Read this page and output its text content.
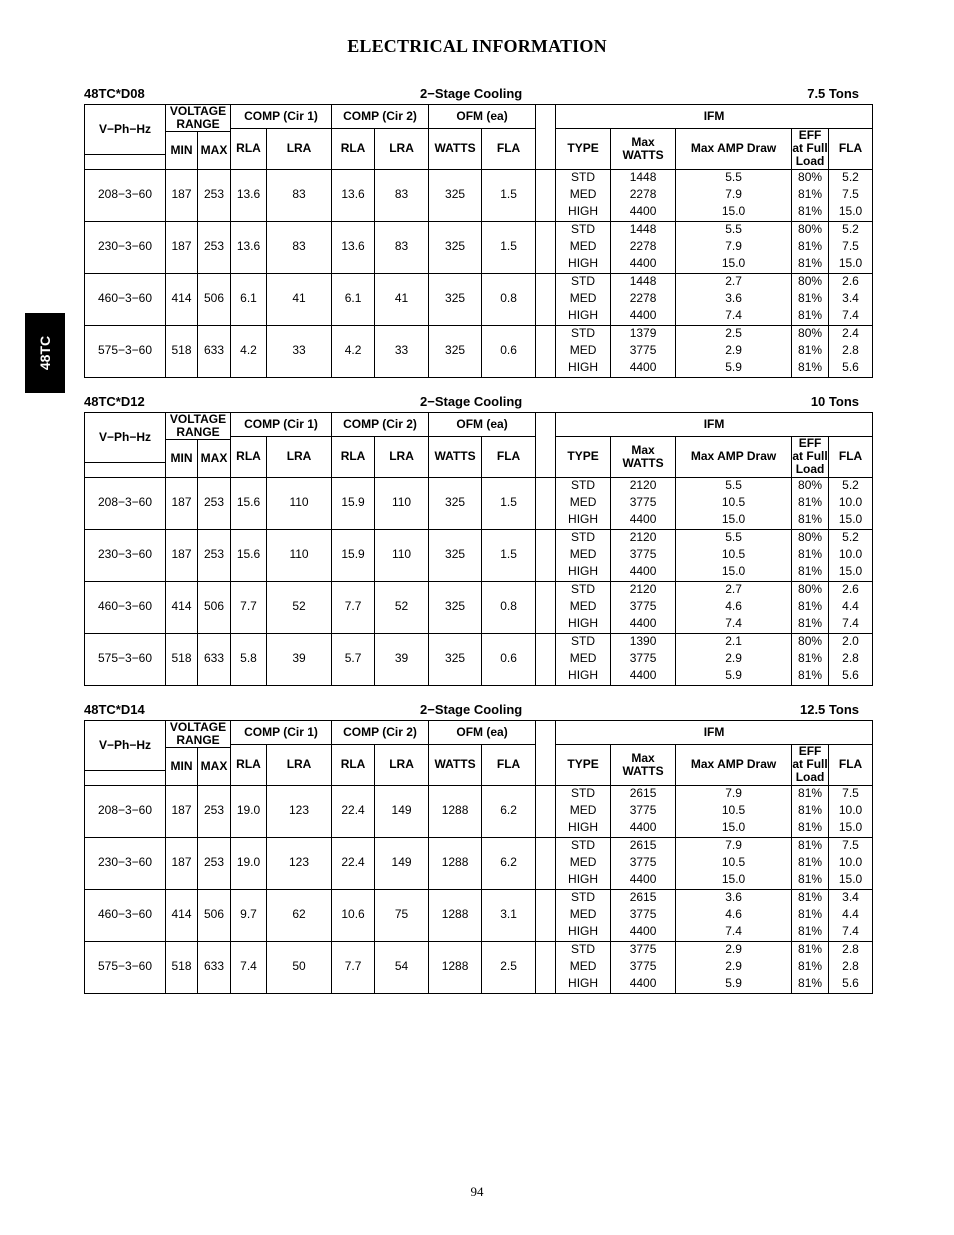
ELECTRICAL INFORMATION
48TC
48TC*D08	2−Stage Cooling	7.5 Tons
V−Ph−Hz	VOLTAGE RANGE		COMP (Cir 1)		COMP (Cir 2)		OFM (ea)			IFM				
			RLA	LRA	RLA	LRA	WATTS	FLA		TYPE	Max WATTS	Max AMP Draw	EFF at Full Load	FLA
	MIN	MAX												

208−3−60	187	253	13.6	83	13.6	83	325	1.5		STD	1448	5.5	80%	5.2
										MED	2278	7.9	81%	7.5
										HIGH	4400	15.0	81%	15.0
230−3−60	187	253	13.6	83	13.6	83	325	1.5		STD	1448	5.5	80%	5.2
										MED	2278	7.9	81%	7.5
										HIGH	4400	15.0	81%	15.0
460−3−60	414	506	6.1	41	6.1	41	325	0.8		STD	1448	2.7	80%	2.6
										MED	2278	3.6	81%	3.4
										HIGH	4400	7.4	81%	7.4
575−3−60	518	633	4.2	33	4.2	33	325	0.6		STD	1379	2.5	80%	2.4
										MED	3775	2.9	81%	2.8
										HIGH	4400	5.9	81%	5.6
48TC*D12	2−Stage Cooling	10 Tons
V−Ph−Hz	VOLTAGE RANGE		COMP (Cir 1)		COMP (Cir 2)		OFM (ea)			IFM				
			RLA	LRA	RLA	LRA	WATTS	FLA		TYPE	Max WATTS	Max AMP Draw	EFF at Full Load	FLA
	MIN	MAX												

208−3−60	187	253	15.6	110	15.9	110	325	1.5		STD	2120	5.5	80%	5.2
										MED	3775	10.5	81%	10.0
										HIGH	4400	15.0	81%	15.0
230−3−60	187	253	15.6	110	15.9	110	325	1.5		STD	2120	5.5	80%	5.2
										MED	3775	10.5	81%	10.0
										HIGH	4400	15.0	81%	15.0
460−3−60	414	506	7.7	52	7.7	52	325	0.8		STD	2120	2.7	80%	2.6
										MED	3775	4.6	81%	4.4
										HIGH	4400	7.4	81%	7.4
575−3−60	518	633	5.8	39	5.7	39	325	0.6		STD	1390	2.1	80%	2.0
										MED	3775	2.9	81%	2.8
										HIGH	4400	5.9	81%	5.6
48TC*D14	2−Stage Cooling	12.5 Tons
V−Ph−Hz	VOLTAGE RANGE		COMP (Cir 1)		COMP (Cir 2)		OFM (ea)			IFM				
			RLA	LRA	RLA	LRA	WATTS	FLA		TYPE	Max WATTS	Max AMP Draw	EFF at Full Load	FLA
	MIN	MAX												

208−3−60	187	253	19.0	123	22.4	149	1288	6.2		STD	2615	7.9	81%	7.5
										MED	3775	10.5	81%	10.0
										HIGH	4400	15.0	81%	15.0
230−3−60	187	253	19.0	123	22.4	149	1288	6.2		STD	2615	7.9	81%	7.5
										MED	3775	10.5	81%	10.0
										HIGH	4400	15.0	81%	15.0
460−3−60	414	506	9.7	62	10.6	75	1288	3.1		STD	2615	3.6	81%	3.4
										MED	3775	4.6	81%	4.4
										HIGH	4400	7.4	81%	7.4
575−3−60	518	633	7.4	50	7.7	54	1288	2.5		STD	3775	2.9	81%	2.8
										MED	3775	2.9	81%	2.8
										HIGH	4400	5.9	81%	5.6
94
